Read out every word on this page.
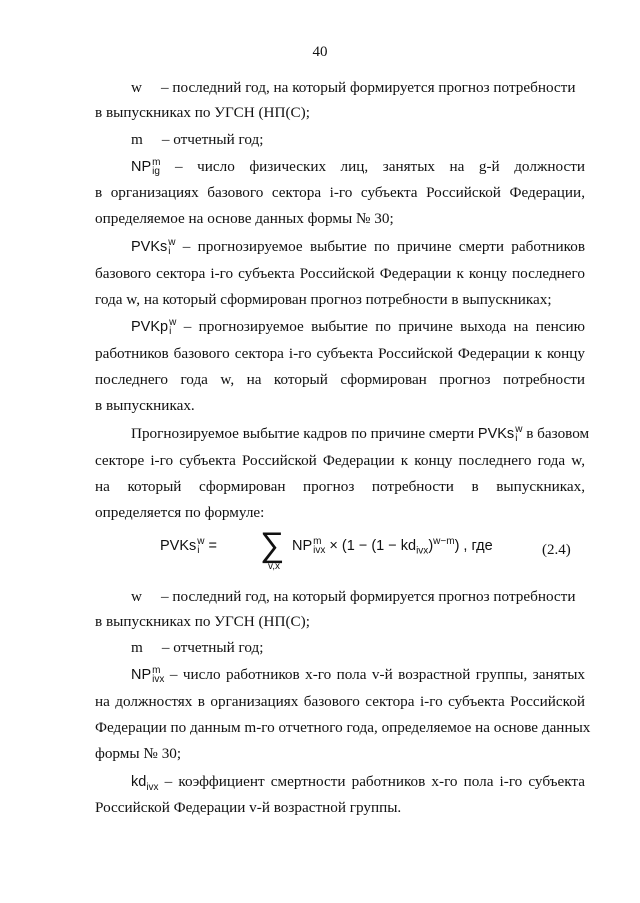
40
w – последний год, на который формируется прогноз потребности
в выпускниках по УГСН (НП(С);
m – отчетный год;
NP m
ig – число физических лиц, занятых на g-й должности
в организациях базового сектора i-го субъекта Российской Федерации,
определяемое на основе данных формы № 30;
PVKs w
i – прогнозируемое выбытие по причине смерти работников
базового сектора i-го субъекта Российской Федерации к концу последнего
года w, на который сформирован прогноз потребности в выпускниках;
PVKp w
i – прогнозируемое выбытие по причине выхода на пенсию
работников базового сектора i-го субъекта Российской Федерации к концу
последнего года w, на который сформирован прогноз потребности
в выпускниках.
Прогнозируемое выбытие кадров по причине смерти PVKs w
i в базовом
секторе i-го субъекта Российской Федерации к концу последнего года w,
на который сформирован прогноз потребности в выпускниках,
определяется по формуле:
PVKs w
i = ∑
v,x
NP m
ivx × $(1 - (1 - kd_{ivx})^{w-m})$ , где	(2.4)
w – последний год, на который формируется прогноз потребности
в выпускниках по УГСН (НП(С);
m – отчетный год;
NP m
ivx – число работников x-го пола v-й возрастной группы, занятых
на должностях в организациях базового сектора i-го субъекта Российской
Федерации по данным m-го отчетного года, определяемое на основе данных
формы № 30;
$kd_{ivx}$ – коэффициент смертности работников x-го пола i-го субъекта
Российской Федерации v-й возрастной группы.
